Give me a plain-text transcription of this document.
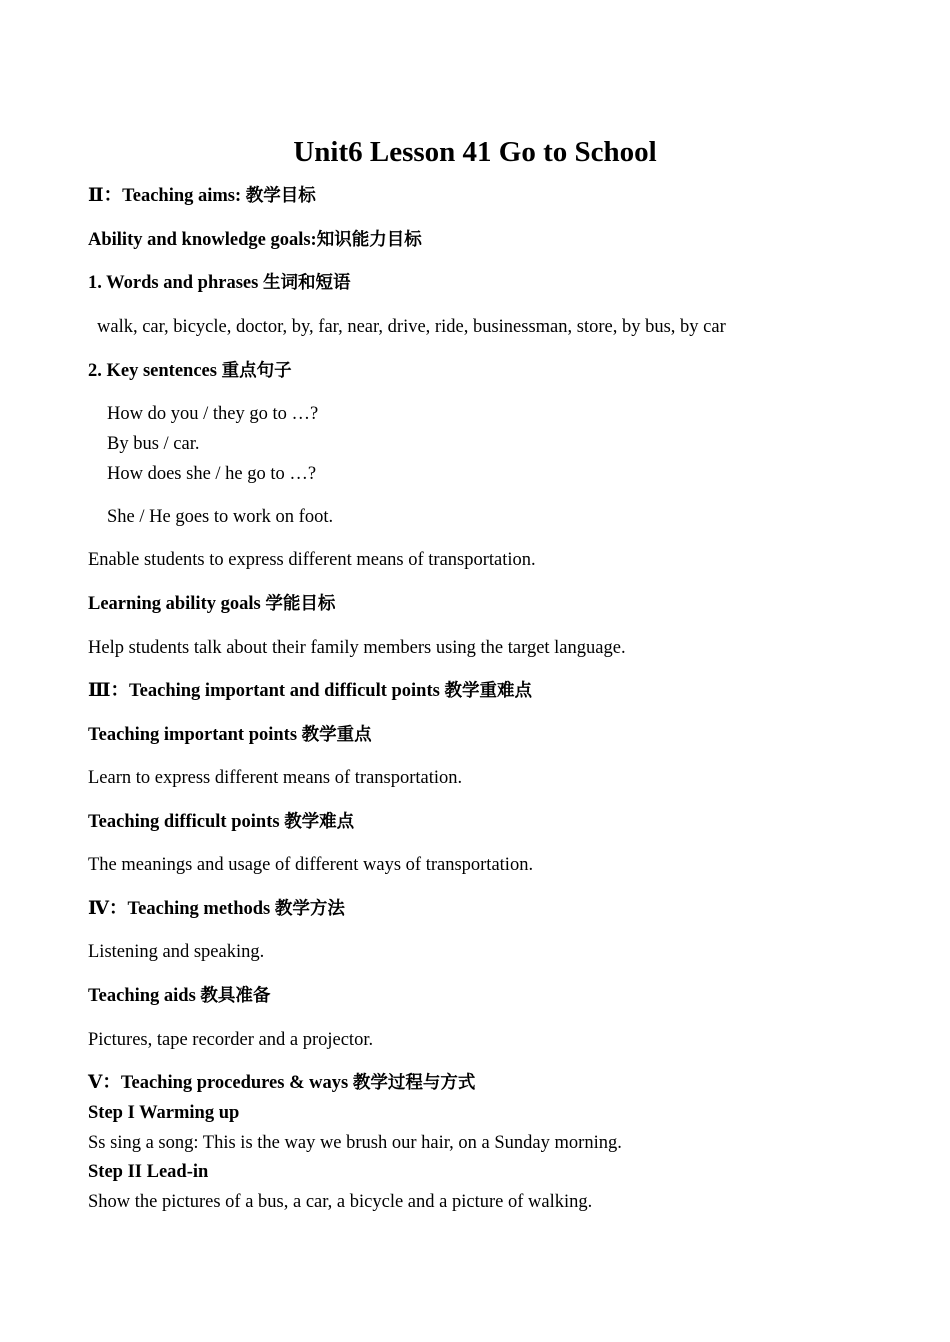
Unit6 Lesson 41 Go to School
Ⅱ：Teaching aims: 教学目标
Ability and knowledge goals:知识能力目标
1. Words and phrases 生词和短语
walk, car, bicycle, doctor, by, far, near, drive, ride, businessman, store, by bus, by car
2. Key sentences 重点句子
How do you / they go to …?
By bus / car.
How does she / he go to …?
She / He goes to work on foot.
Enable students to express different means of transportation.
Learning ability goals 学能目标
Help students talk about their family members using the target language.
Ⅲ：Teaching important and difficult points 教学重难点
Teaching important points 教学重点
Learn to express different means of transportation.
Teaching difficult points 教学难点
The meanings and usage of different ways of transportation.
Ⅳ：Teaching methods 教学方法
Listening and speaking.
Teaching aids 教具准备
Pictures, tape recorder and a projector.
Ⅴ：Teaching procedures & ways 教学过程与方式
Step I Warming up
Ss sing a song: This is the way we brush our hair, on a Sunday morning.
Step II Lead-in
Show the pictures of a bus, a car, a bicycle and a picture of walking.
